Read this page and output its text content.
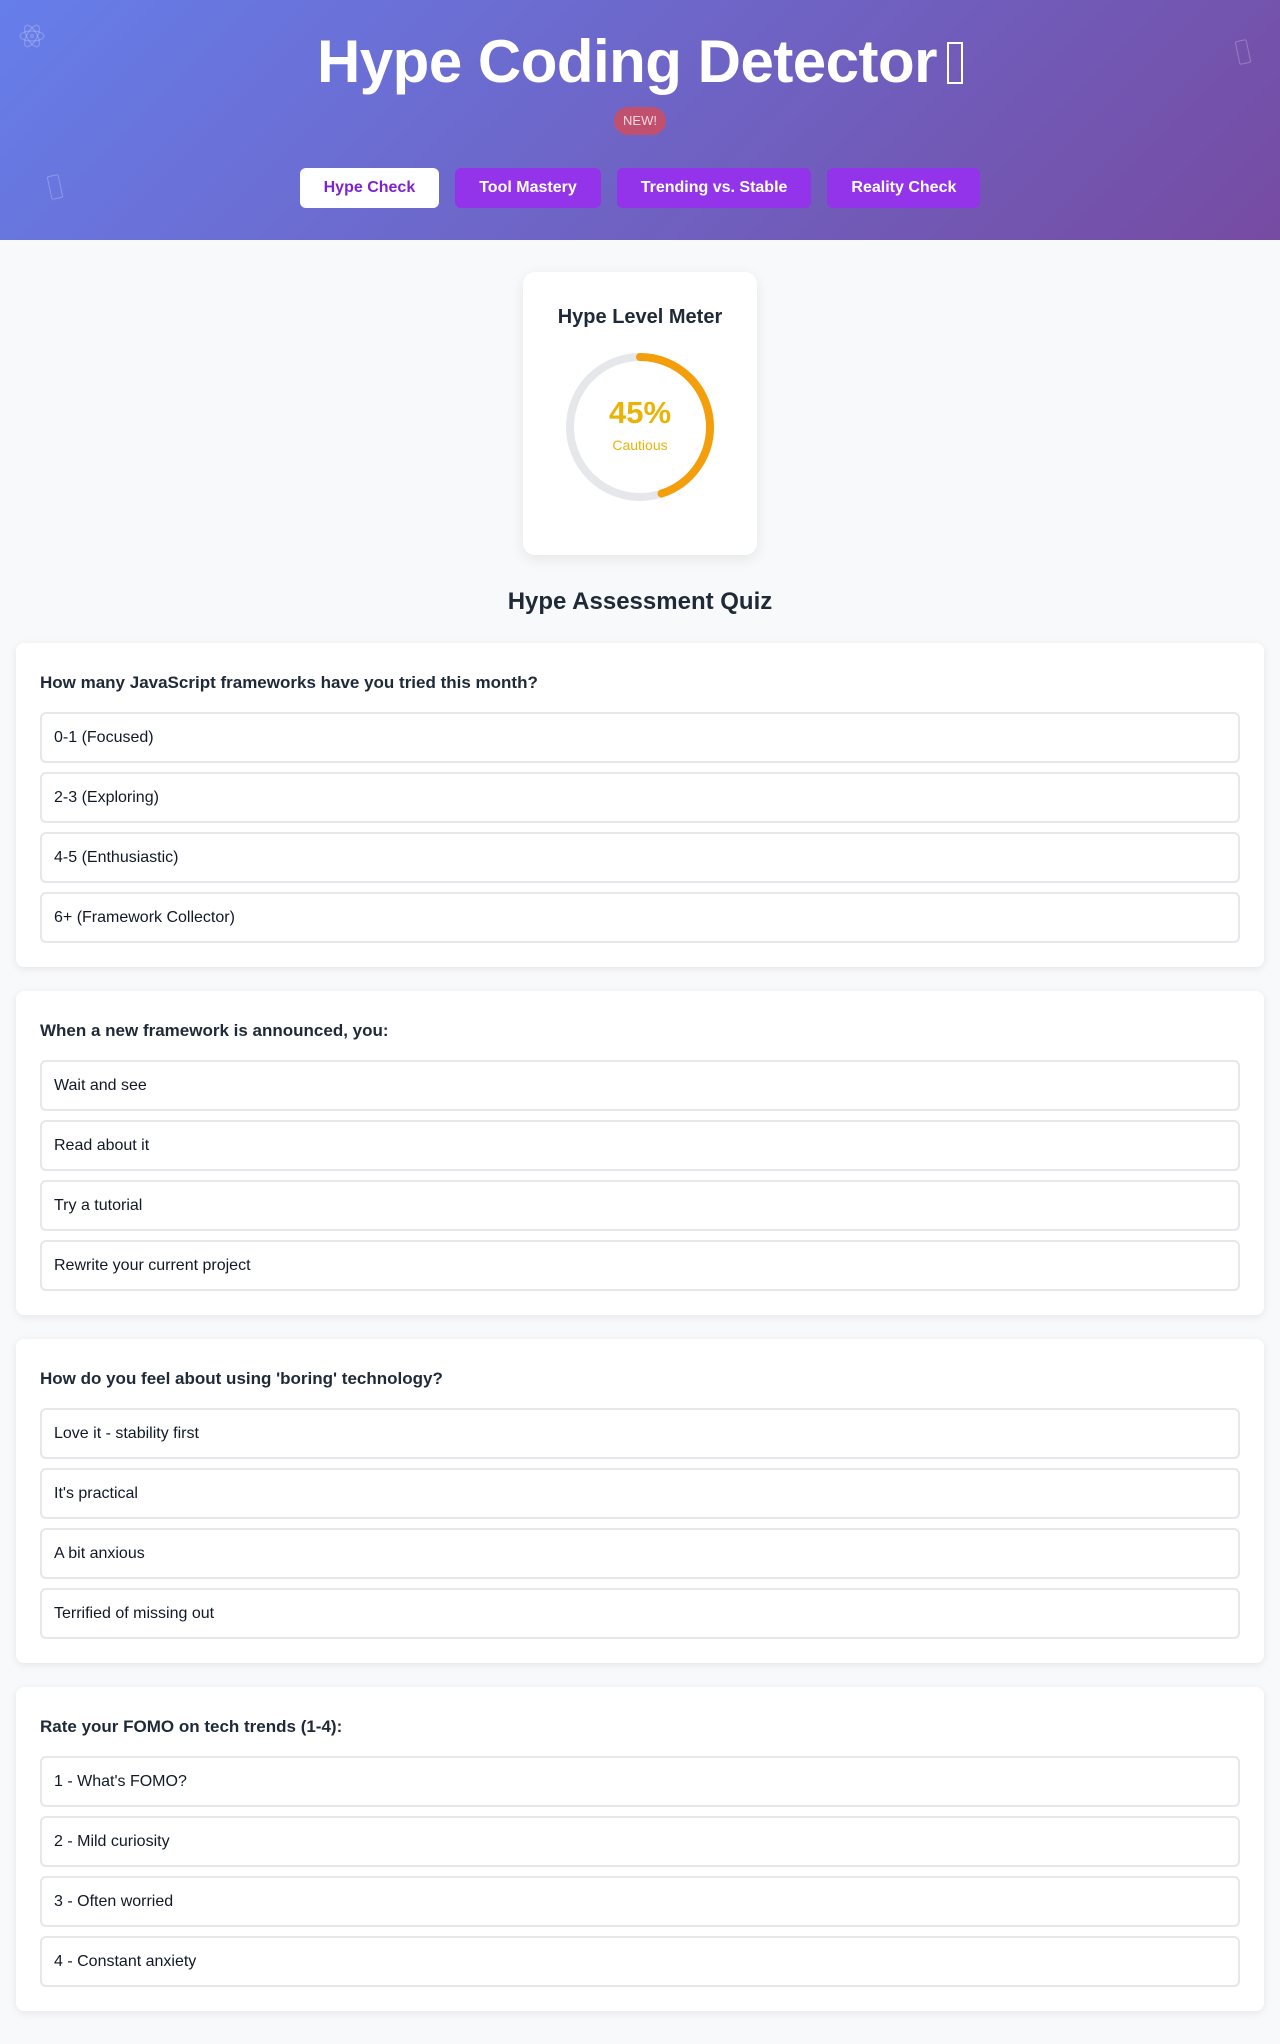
Hype Coding Detector
NEW!
Hype Check	Tool Mastery	Trending vs. Stable	Reality Check
Hype Level Meter
45%
Cautious
Hype Assessment Quiz
How many JavaScript frameworks have you tried this month?
0-1 (Focused)
2-3 (Exploring)
4-5 (Enthusiastic)
6+ (Framework Collector)
When a new framework is announced, you:
Wait and see
Read about it
Try a tutorial
Rewrite your current project
How do you feel about using 'boring' technology?
Love it - stability first
It's practical
A bit anxious
Terrified of missing out
Rate your FOMO on tech trends (1-4):
1 - What's FOMO?
2 - Mild curiosity
3 - Often worried
4 - Constant anxiety
